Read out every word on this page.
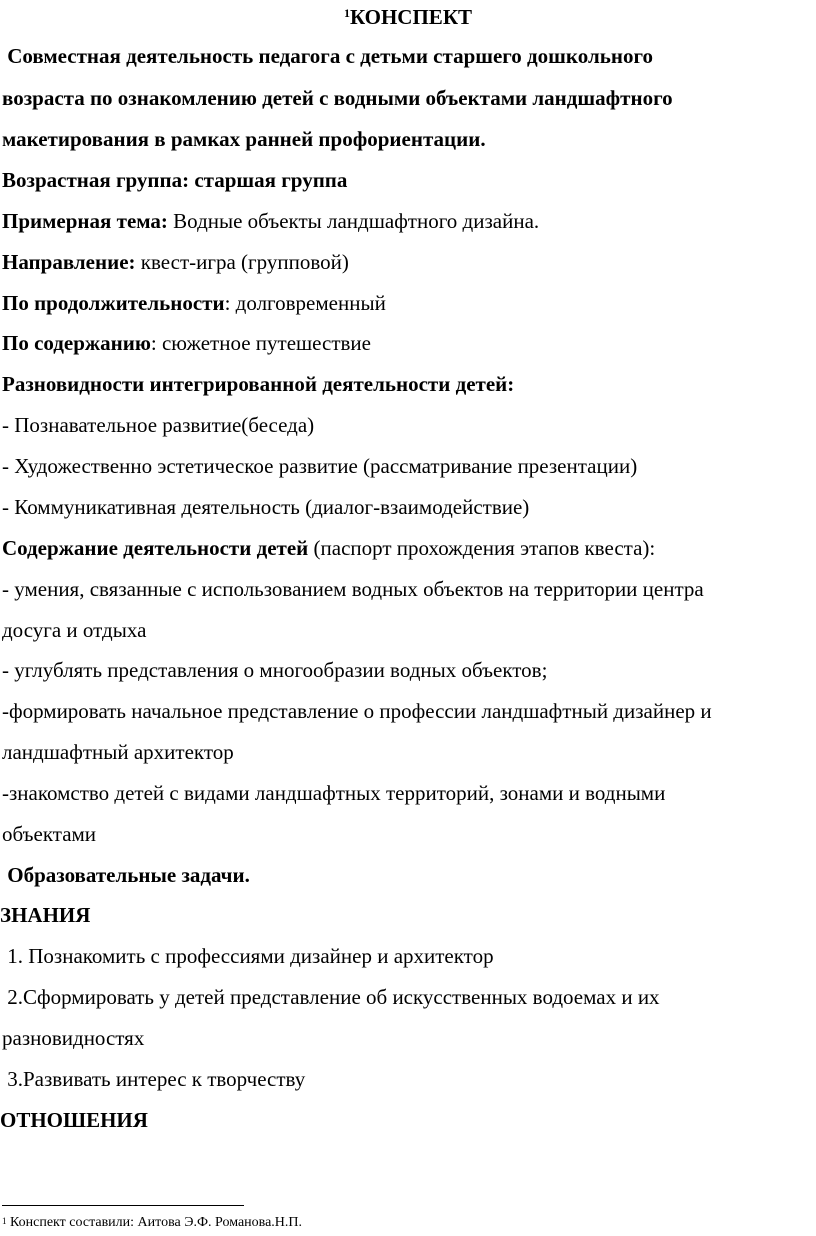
$^1$КОНСПЕКТ
Совместная деятельность педагога с детьми старшего дошкольного
возраста по ознакомлению детей с водными объектами ландшафтного
макетирования в рамках ранней профориентации.
Возрастная группа: старшая группа
Примерная тема: Водные объекты ландшафтного дизайна.
Направление: квест-игра (групповой)
По продолжительности: долговременный
По содержанию: сюжетное путешествие
Разновидности интегрированной деятельности детей:
- Познавательное развитие(беседа)
- Художественно эстетическое развитие (рассматривание презентации)
- Коммуникативная деятельность (диалог-взаимодействие)
Содержание деятельности детей (паспорт прохождения этапов квеста):
- умения, связанные с использованием водных объектов на территории центра
досуга и отдыха
- углублять представления о многообразии водных объектов;
-формировать начальное представление о профессии ландшафтный дизайнер и
ландшафтный архитектор
-знакомство детей с видами ландшафтных территорий, зонами и водными
объектами
Образовательные задачи.
ЗНАНИЯ
1. Познакомить с профессиями дизайнер и архитектор
2.Сформировать у детей представление об искусственных водоемах и их
разновидностях
3.Развивать интерес к творчеству
ОТНОШЕНИЯ
$^1$ Конспект составили: Аитова Э.Ф. Романова.Н.П.
